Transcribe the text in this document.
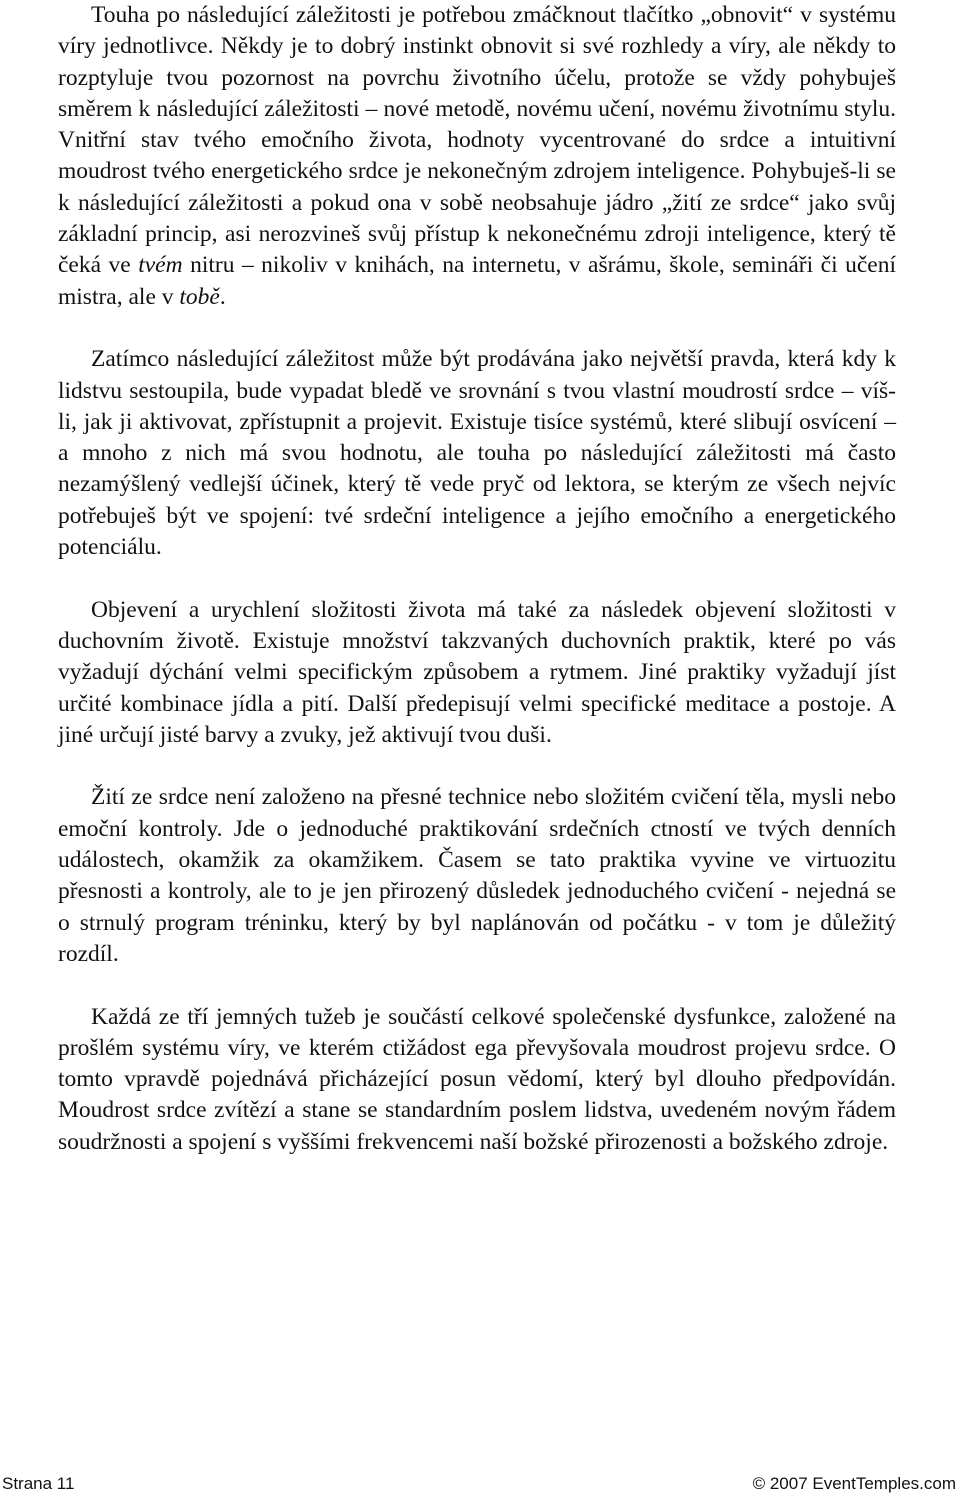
Touha po následující záležitosti je potřebou zmáčknout tlačítko „obnovit“ v systému víry jednotlivce. Někdy je to dobrý instinkt obnovit si své rozhledy a víry, ale někdy to rozptyluje tvou pozornost na povrchu životního účelu, protože se vždy pohybuješ směrem k následující záležitosti – nové metodě, novému učení, novému životnímu stylu. Vnitřní stav tvého emočního života, hodnoty vycentrované do srdce a intuitivní moudrost tvého energetického srdce je nekonečným zdrojem inteligence. Pohybuješ-li se k následující záležitosti a pokud ona v sobě neobsahuje jádro „žití ze srdce“ jako svůj základní princip, asi nerozvineš svůj přístup k nekonečnému zdroji inteligence, který tě čeká ve tvém nitru – nikoliv v knihách, na internetu, v ašrámu, škole, semináři či učení mistra, ale v tobě.

Zatímco následující záležitost může být prodávána jako největší pravda, která kdy k lidstvu sestoupila, bude vypadat bledě ve srovnání s tvou vlastní moudrostí srdce – víš-li, jak ji aktivovat, zpřístupnit a projevit. Existuje tisíce systémů, které slibují osvícení – a mnoho z nich má svou hodnotu, ale touha po následující záležitosti má často nezamýšlený vedlejší účinek, který tě vede pryč od lektora, se kterým ze všech nejvíc potřebuješ být ve spojení: tvé srdeční inteligence a jejího emočního a energetického potenciálu.

Objevení a urychlení složitosti života má také za následek objevení složitosti v duchovním životě. Existuje množství takzvaných duchovních praktik, které po vás vyžadují dýchání velmi specifickým způsobem a rytmem. Jiné praktiky vyžadují jíst určité kombinace jídla a pití. Další předepisují velmi specifické meditace a postoje. A jiné určují jisté barvy a zvuky, jež aktivují tvou duši.

Žití ze srdce není založeno na přesné technice nebo složitém cvičení těla, mysli nebo emoční kontroly. Jde o jednoduché praktikování srdečních ctností ve tvých denních událostech, okamžik za okamžikem. Časem se tato praktika vyvine ve virtuozitu přesnosti a kontroly, ale to je jen přirozený důsledek jednoduchého cvičení - nejedná se o strnulý program tréninku, který by byl naplánován od počátku - v tom je důležitý rozdíl.

Každá ze tří jemných tužeb je součástí celkové společenské dysfunkce, založené na prošlém systému víry, ve kterém ctižádost ega převyšovala moudrost projevu srdce. O tomto vpravdě pojednává přicházející posun vědomí, který byl dlouho předpovídán. Moudrost srdce zvítězí a stane se standardním poslem lidstva, uvedeném novým řádem soudržnosti a spojení s vyššími frekvencemi naší božské přirozenosti a božského zdroje.

Strana 11	© 2007 EventTemples.com
